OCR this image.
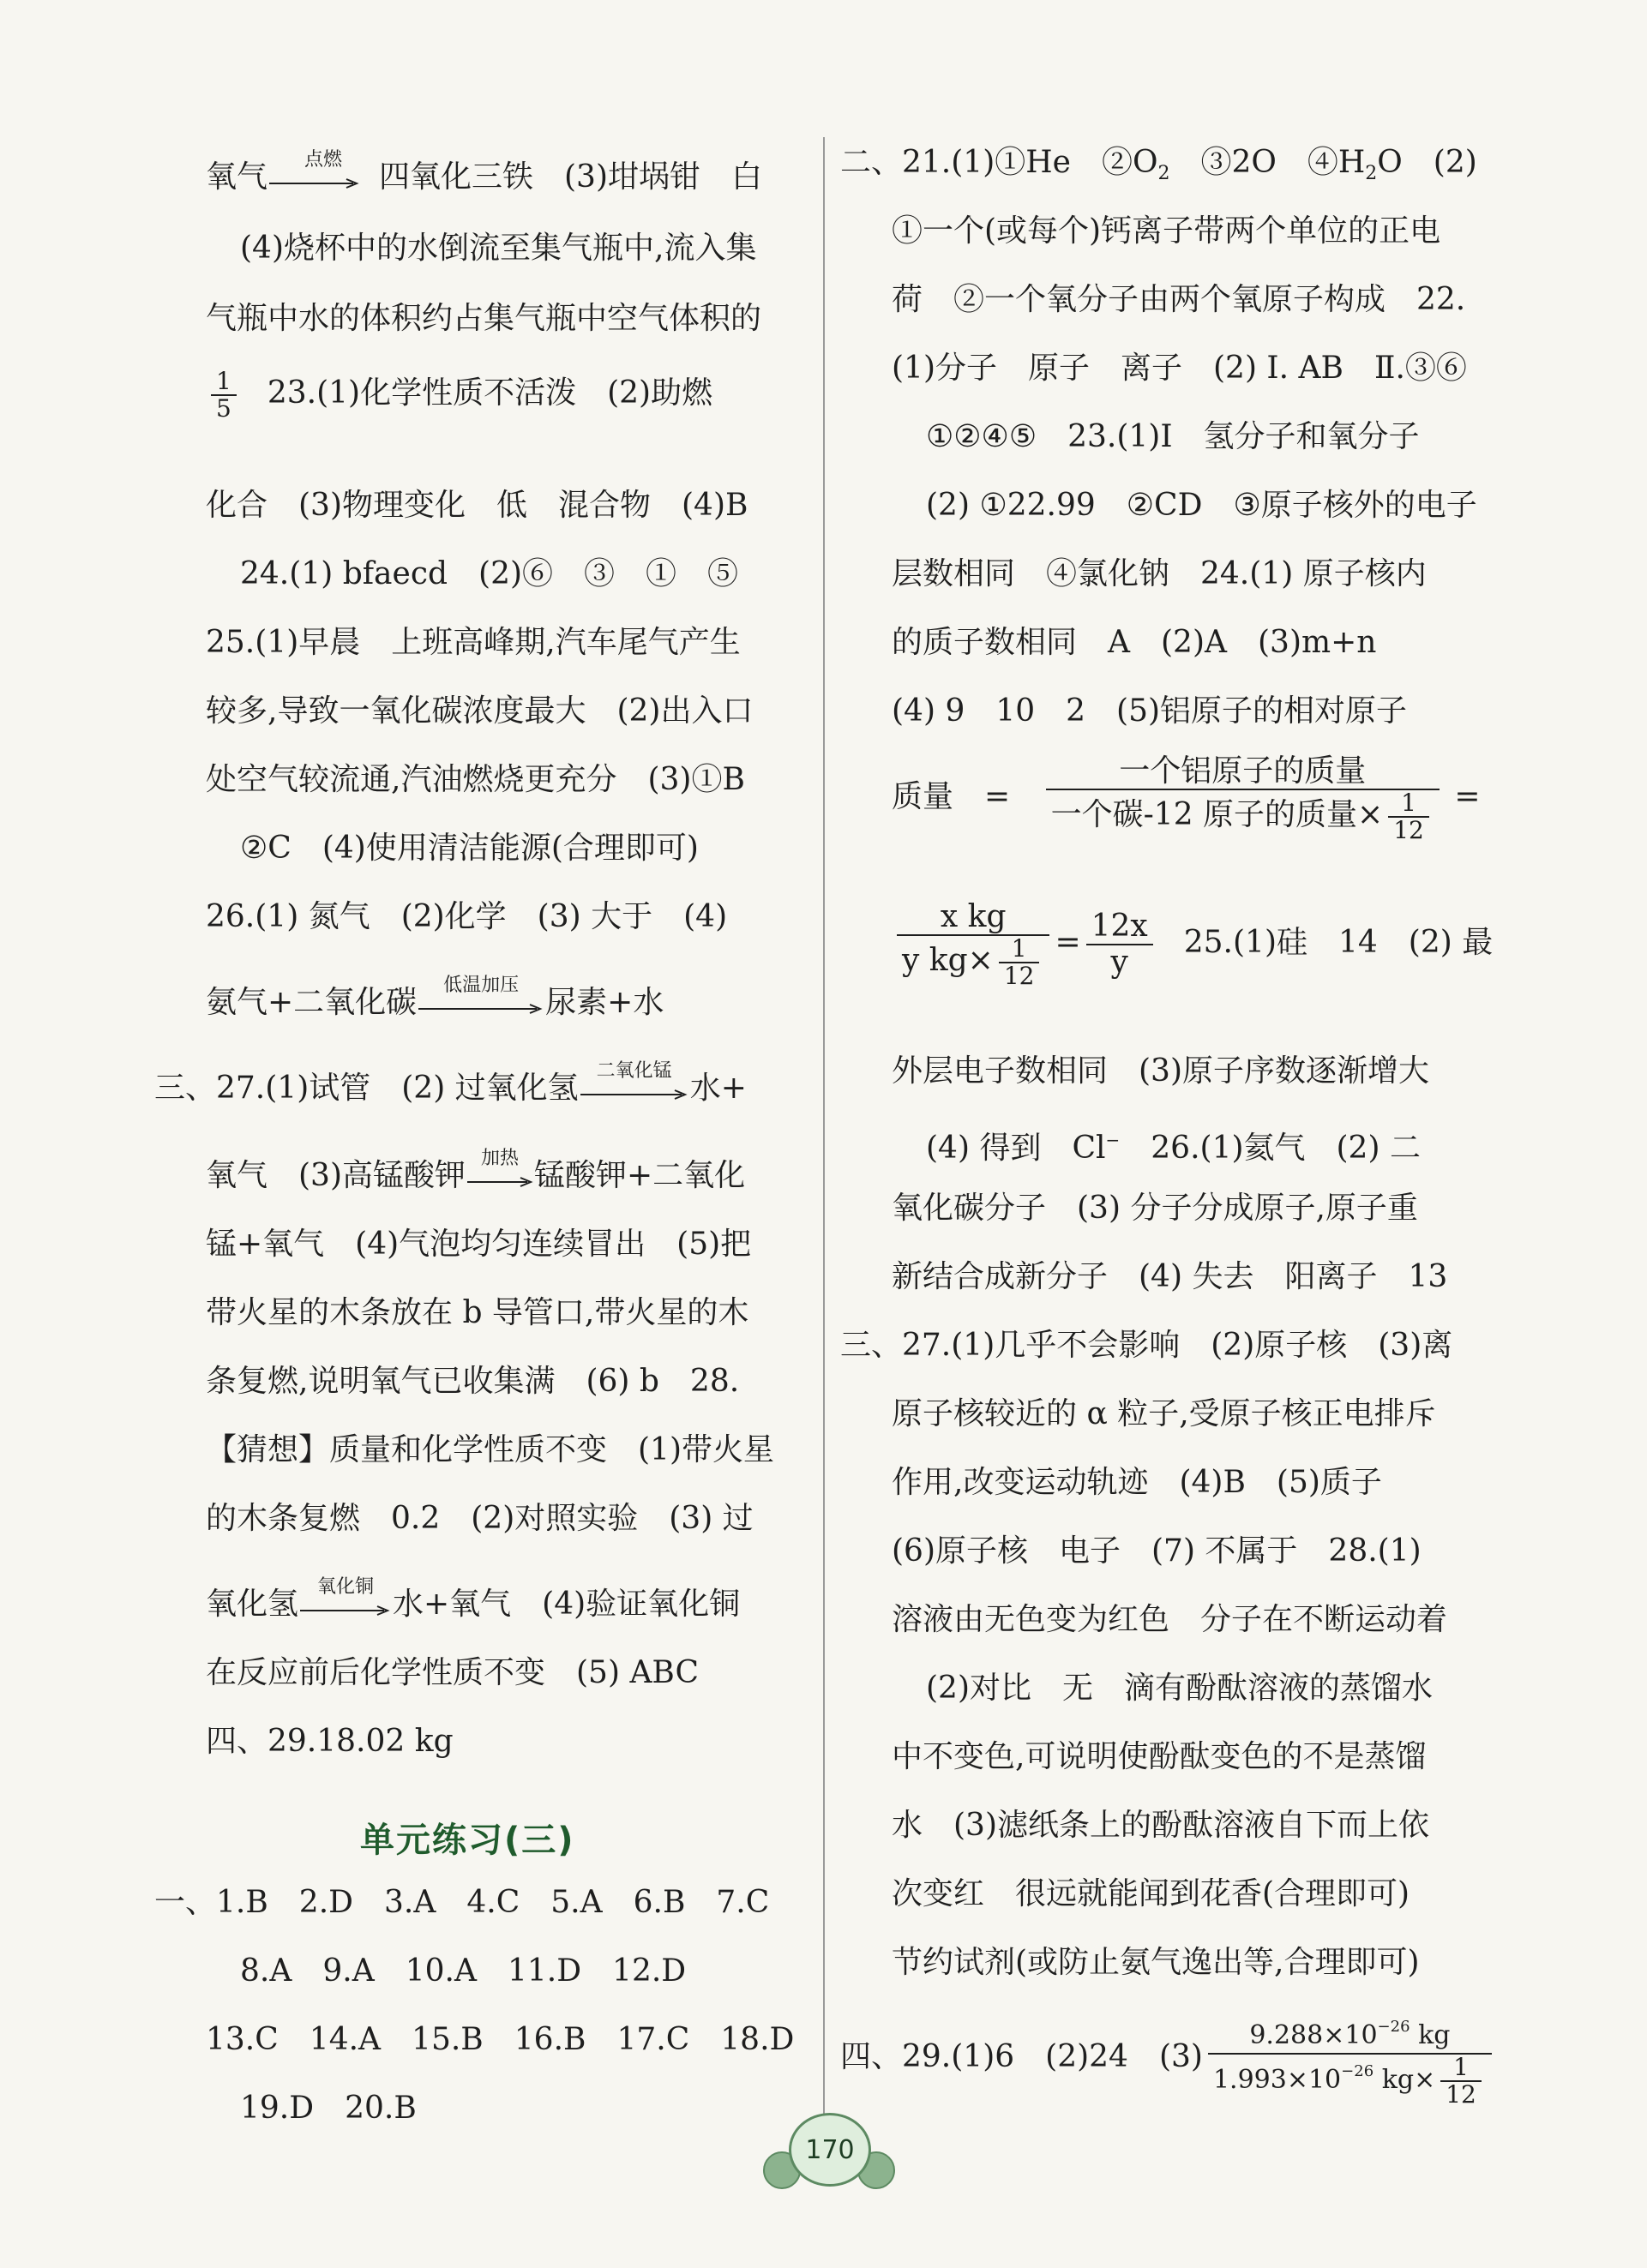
氧气	点燃	四氧化三铁　(3)坩埚钳　白
(4)烧杯中的水倒流至集气瓶中,流入集
气瓶中水的体积约占集气瓶中空气体积的
$\frac{1}{5} 23.(1)$化学性质不活泼　(2)助燃
化合　(3)物理变化　低　混合物　(4)B
24.(1) bfaecd　(2)⑥　③　①　⑤
25.(1)早晨　上班高峰期,汽车尾气产生
较多,导致一氧化碳浓度最大　(2)出入口
处空气较流通,汽油燃烧更充分　(3)①B
②C　(4)使用清洁能源(合理即可)
26.(1) 氮气　(2)化学　(3) 大于　(4)
氨气+二氧化碳	低温加压 尿素+水
三、27.(1)试管　(2) 过氧化氢 二氧化锰 水+
氧气　(3)高锰酸钾 加热 锰酸钾+二氧化
锰+氧气　(4)气泡均匀连续冒出　(5)把
带火星的木条放在 b 导管口,带火星的木
条复燃,说明氧气已收集满　(6) b　28.
【猜想】质量和化学性质不变　(1)带火星
的木条复燃　0.2　(2)对照实验　(3) 过
氧化氢 氧化铜 水+氧气　(4)验证氧化铜
在反应前后化学性质不变　(5) ABC
四、29.18.02 kg
单元练习(三)
一、1.B　2.D　3.A　4.C　5.A　6.B　7.C
8.A　9.A　10.A　11.D　12.D
13.C　14.A　15.B　16.B　17.C　18.D
19.D　20.B
二、21.(1)①He　$②O_2$　③2O　$④H_2O$　(2)
①一个(或每个)钙离子带两个单位的正电
荷　②一个氧分子由两个氧原子构成　22.
(1)分子　原子　离子　(2) Ⅰ. AB　Ⅱ.③⑥
①②④⑤　23.(1)Ⅰ　氢分子和氧分子
(2) ①22.99　②CD　③原子核外的电子
层数相同　④氯化钠　24.(1) 原子核内
的质子数相同　A　(2)A　(3)m+n
(4) 9　10　2　(5)铝原子的相对原子
质量　= $\frac{\text{一个铝原子的质量}}{一个碳-12 原子的质量\times \frac{1}{12}}$ =
$\frac{\text{x kg}}{y kg\times \frac{1}{12}} = \frac{12x}{y} 25.(1)$硅　14　(2) 最
外层电子数相同　(3)原子序数逐渐增大
(4) 得到　Cl−　26.(1)氦气　(2) 二
氧化碳分子　(3) 分子分成原子,原子重
新结合成新分子　(4) 失去　阳离子　13
三、27.(1)几乎不会影响　(2)原子核　(3)离
原子核较近的 α 粒子,受原子核正电排斥
作用,改变运动轨迹　(4)B　(5)质子
(6)原子核　电子　(7) 不属于　28.(1)
溶液由无色变为红色　分子在不断运动着
(2)对比　无　滴有酚酞溶液的蒸馏水
中不变色,可说明使酚酞变色的不是蒸馏
水　(3)滤纸条上的酚酞溶液自下而上依
次变红　很远就能闻到花香(合理即可)
节约试剂(或防止氨气逸出等,合理即可)
四、29.(1)6　(2)24　$(3) \frac{9.288\times 10^{-26} kg}{1.993\times 10^{-26} kg\times \frac{1}{12}}$
170
